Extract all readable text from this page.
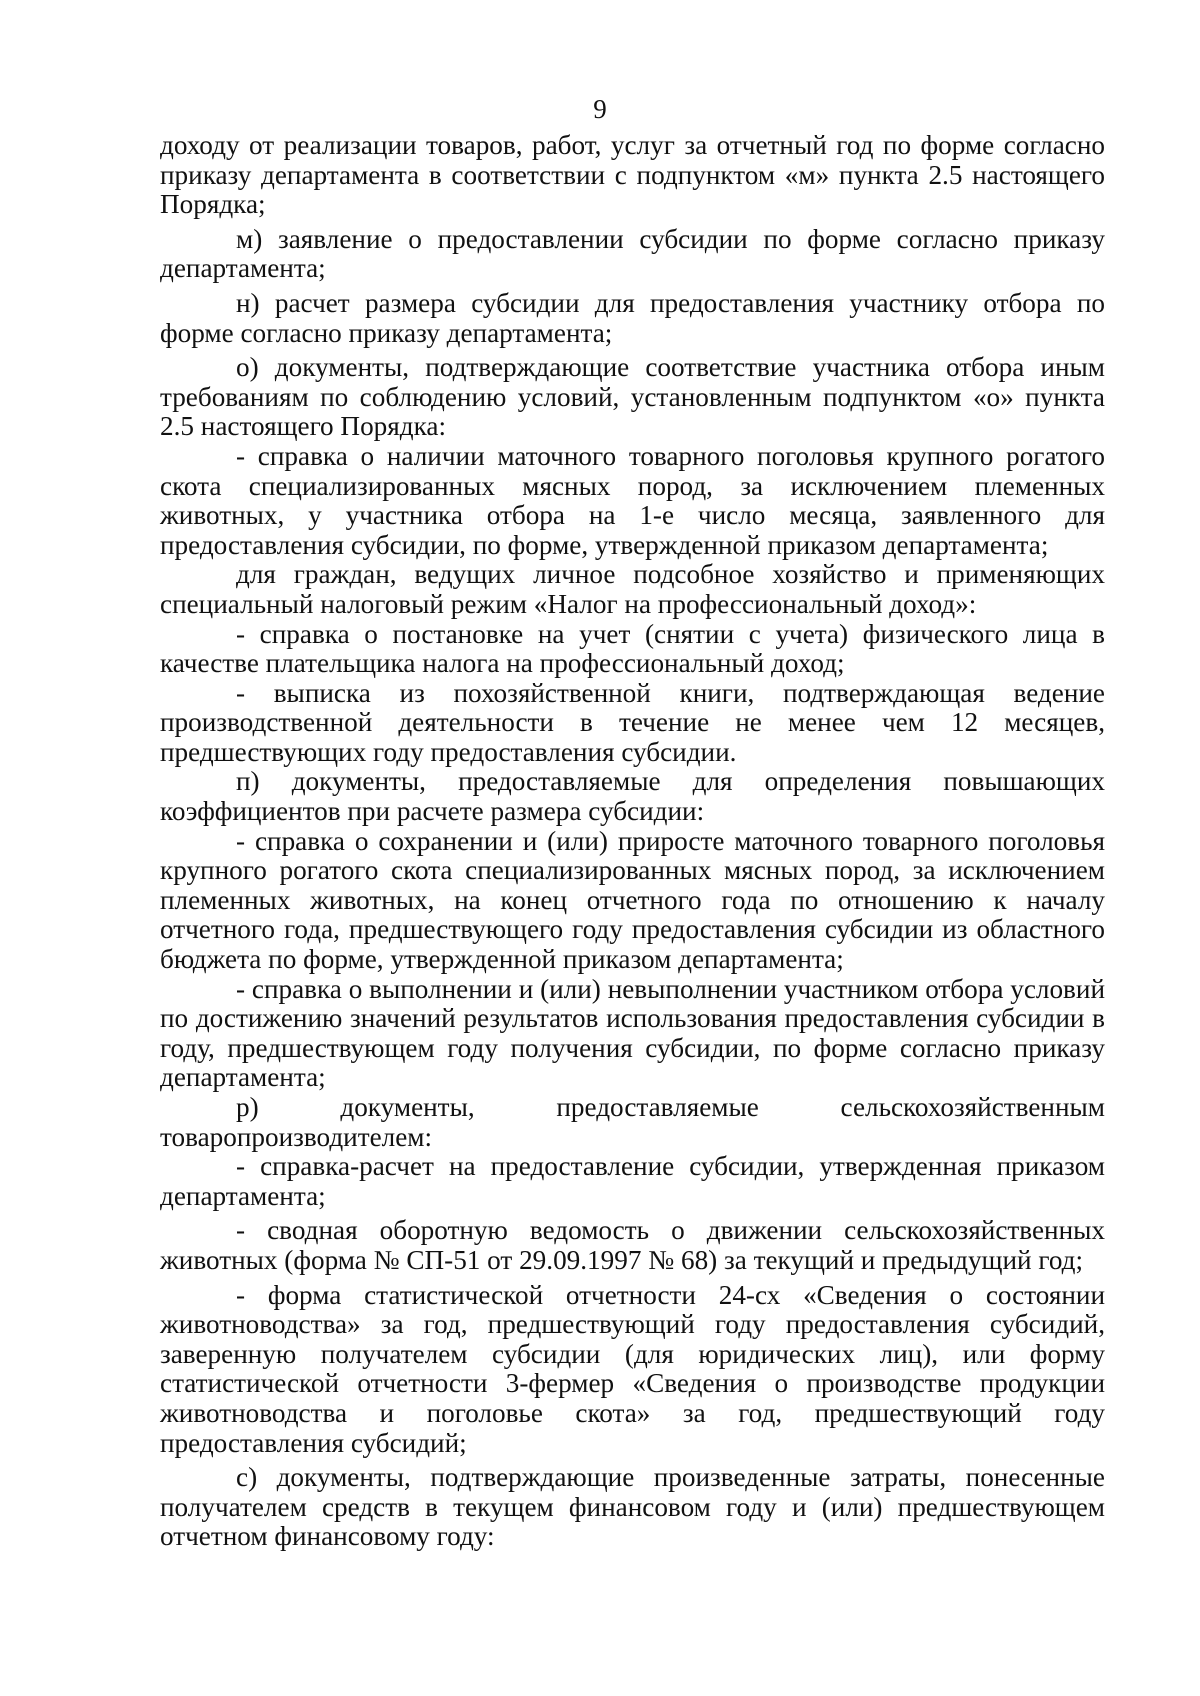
9

доходу от реализации товаров, работ, услуг за отчетный год по форме согласно приказу департамента в соответствии с подпунктом «м» пункта 2.5 настоящего Порядка;

м) заявление о предоставлении субсидии по форме согласно приказу департамента;

н) расчет размера субсидии для предоставления участнику отбора по форме согласно приказу департамента;

о) документы, подтверждающие соответствие участника отбора иным требованиям по соблюдению условий, установленным подпунктом «о» пункта 2.5 настоящего Порядка:

- справка о наличии маточного товарного поголовья крупного рогатого скота специализированных мясных пород, за исключением племенных животных, у участника отбора на 1-е число месяца, заявленного для предоставления субсидии, по форме, утвержденной приказом департамента;

для граждан, ведущих личное подсобное хозяйство и применяющих специальный налоговый режим «Налог на профессиональный доход»:

- справка о постановке на учет (снятии с учета) физического лица в качестве плательщика налога на профессиональный доход;

- выписка из похозяйственной книги, подтверждающая ведение производственной деятельности в течение не менее чем 12 месяцев, предшествующих году предоставления субсидии.

п) документы, предоставляемые для определения повышающих коэффициентов при расчете размера субсидии:

- справка о сохранении и (или) приросте маточного товарного поголовья крупного рогатого скота специализированных мясных пород, за исключением племенных животных, на конец отчетного года по отношению к началу отчетного года, предшествующего году предоставления субсидии из областного бюджета по форме, утвержденной приказом департамента;

- справка о выполнении и (или) невыполнении участником отбора условий по достижению значений результатов использования предоставления субсидии в году, предшествующем году получения субсидии, по форме согласно приказу департамента;

р) документы, предоставляемые сельскохозяйственным товаропроизводителем:

- справка-расчет на предоставление субсидии, утвержденная приказом департамента;

- сводная оборотную ведомость о движении сельскохозяйственных животных (форма № СП-51 от 29.09.1997 № 68) за текущий и предыдущий год;

- форма статистической отчетности 24-сх «Сведения о состоянии животноводства» за год, предшествующий году предоставления субсидий, заверенную получателем субсидии (для юридических лиц), или форму статистической отчетности 3-фермер «Сведения о производстве продукции животноводства и поголовье скота» за год, предшествующий году предоставления субсидий;

с) документы, подтверждающие произведенные затраты, понесенные получателем средств в текущем финансовом году и (или) предшествующем отчетном финансовому году:
